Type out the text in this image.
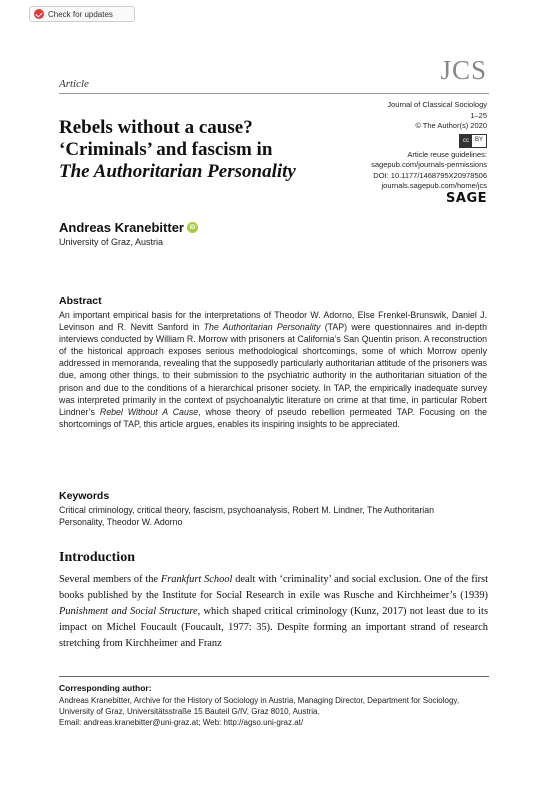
Check for updates
Article	JCS
Journal of Classical Sociology
1–25
© The Author(s) 2020
cc	BY
Article reuse guidelines:
sagepub.com/journals-permissions
DOI: 10.1177/1468795X20978506
journals.sagepub.com/home/jcs
SAGE
Rebels without a cause?
‘Criminals’ and fascism in
The Authoritarian Personality
Andreas Kranebitter iD
University of Graz, Austria
Abstract
An important empirical basis for the interpretations of Theodor W. Adorno, Else Frenkel-Brunswik, Daniel J. Levinson and R. Nevitt Sanford in The Authoritarian Personality (TAP) were questionnaires and in-depth interviews conducted by William R. Morrow with prisoners at California’s San Quentin prison. A reconstruction of the historical approach exposes serious methodological shortcomings, some of which Morrow openly addressed in memoranda, revealing that the supposedly particularly authoritarian attitude of the prisoners was due, among other things, to their submission to the psychiatric authority in the authoritarian situation of the prison and due to the conditions of a hierarchical prisoner society. In TAP, the empirically inadequate survey was interpreted primarily in the context of psychoanalytic literature on crime at that time, in particular Robert Lindner’s Rebel Without A Cause, whose theory of pseudo rebellion permeated TAP. Focusing on the shortcomings of TAP, this article argues, enables its inspiring insights to be appreciated.
Keywords
Critical criminology, critical theory, fascism, psychoanalysis, Robert M. Lindner, The Authoritarian Personality, Theodor W. Adorno
Introduction
Several members of the Frankfurt School dealt with ‘criminality’ and social exclusion. One of the first books published by the Institute for Social Research in exile was Rusche and Kirchheimer’s (1939) Punishment and Social Structure, which shaped critical criminology (Kunz, 2017) not least due to its impact on Michel Foucault (Foucault, 1977: 35). Despite forming an important strand of research stretching from Kirchheimer and Franz
Corresponding author:
Andreas Kranebitter, Archive for the History of Sociology in Austria, Managing Director, Department for Sociology, University of Graz, Universitätsstraße 15 Bauteil G/IV, Graz 8010, Austria.
Email: andreas.kranebitter@uni-graz.at; Web: http://agso.uni-graz.at/
